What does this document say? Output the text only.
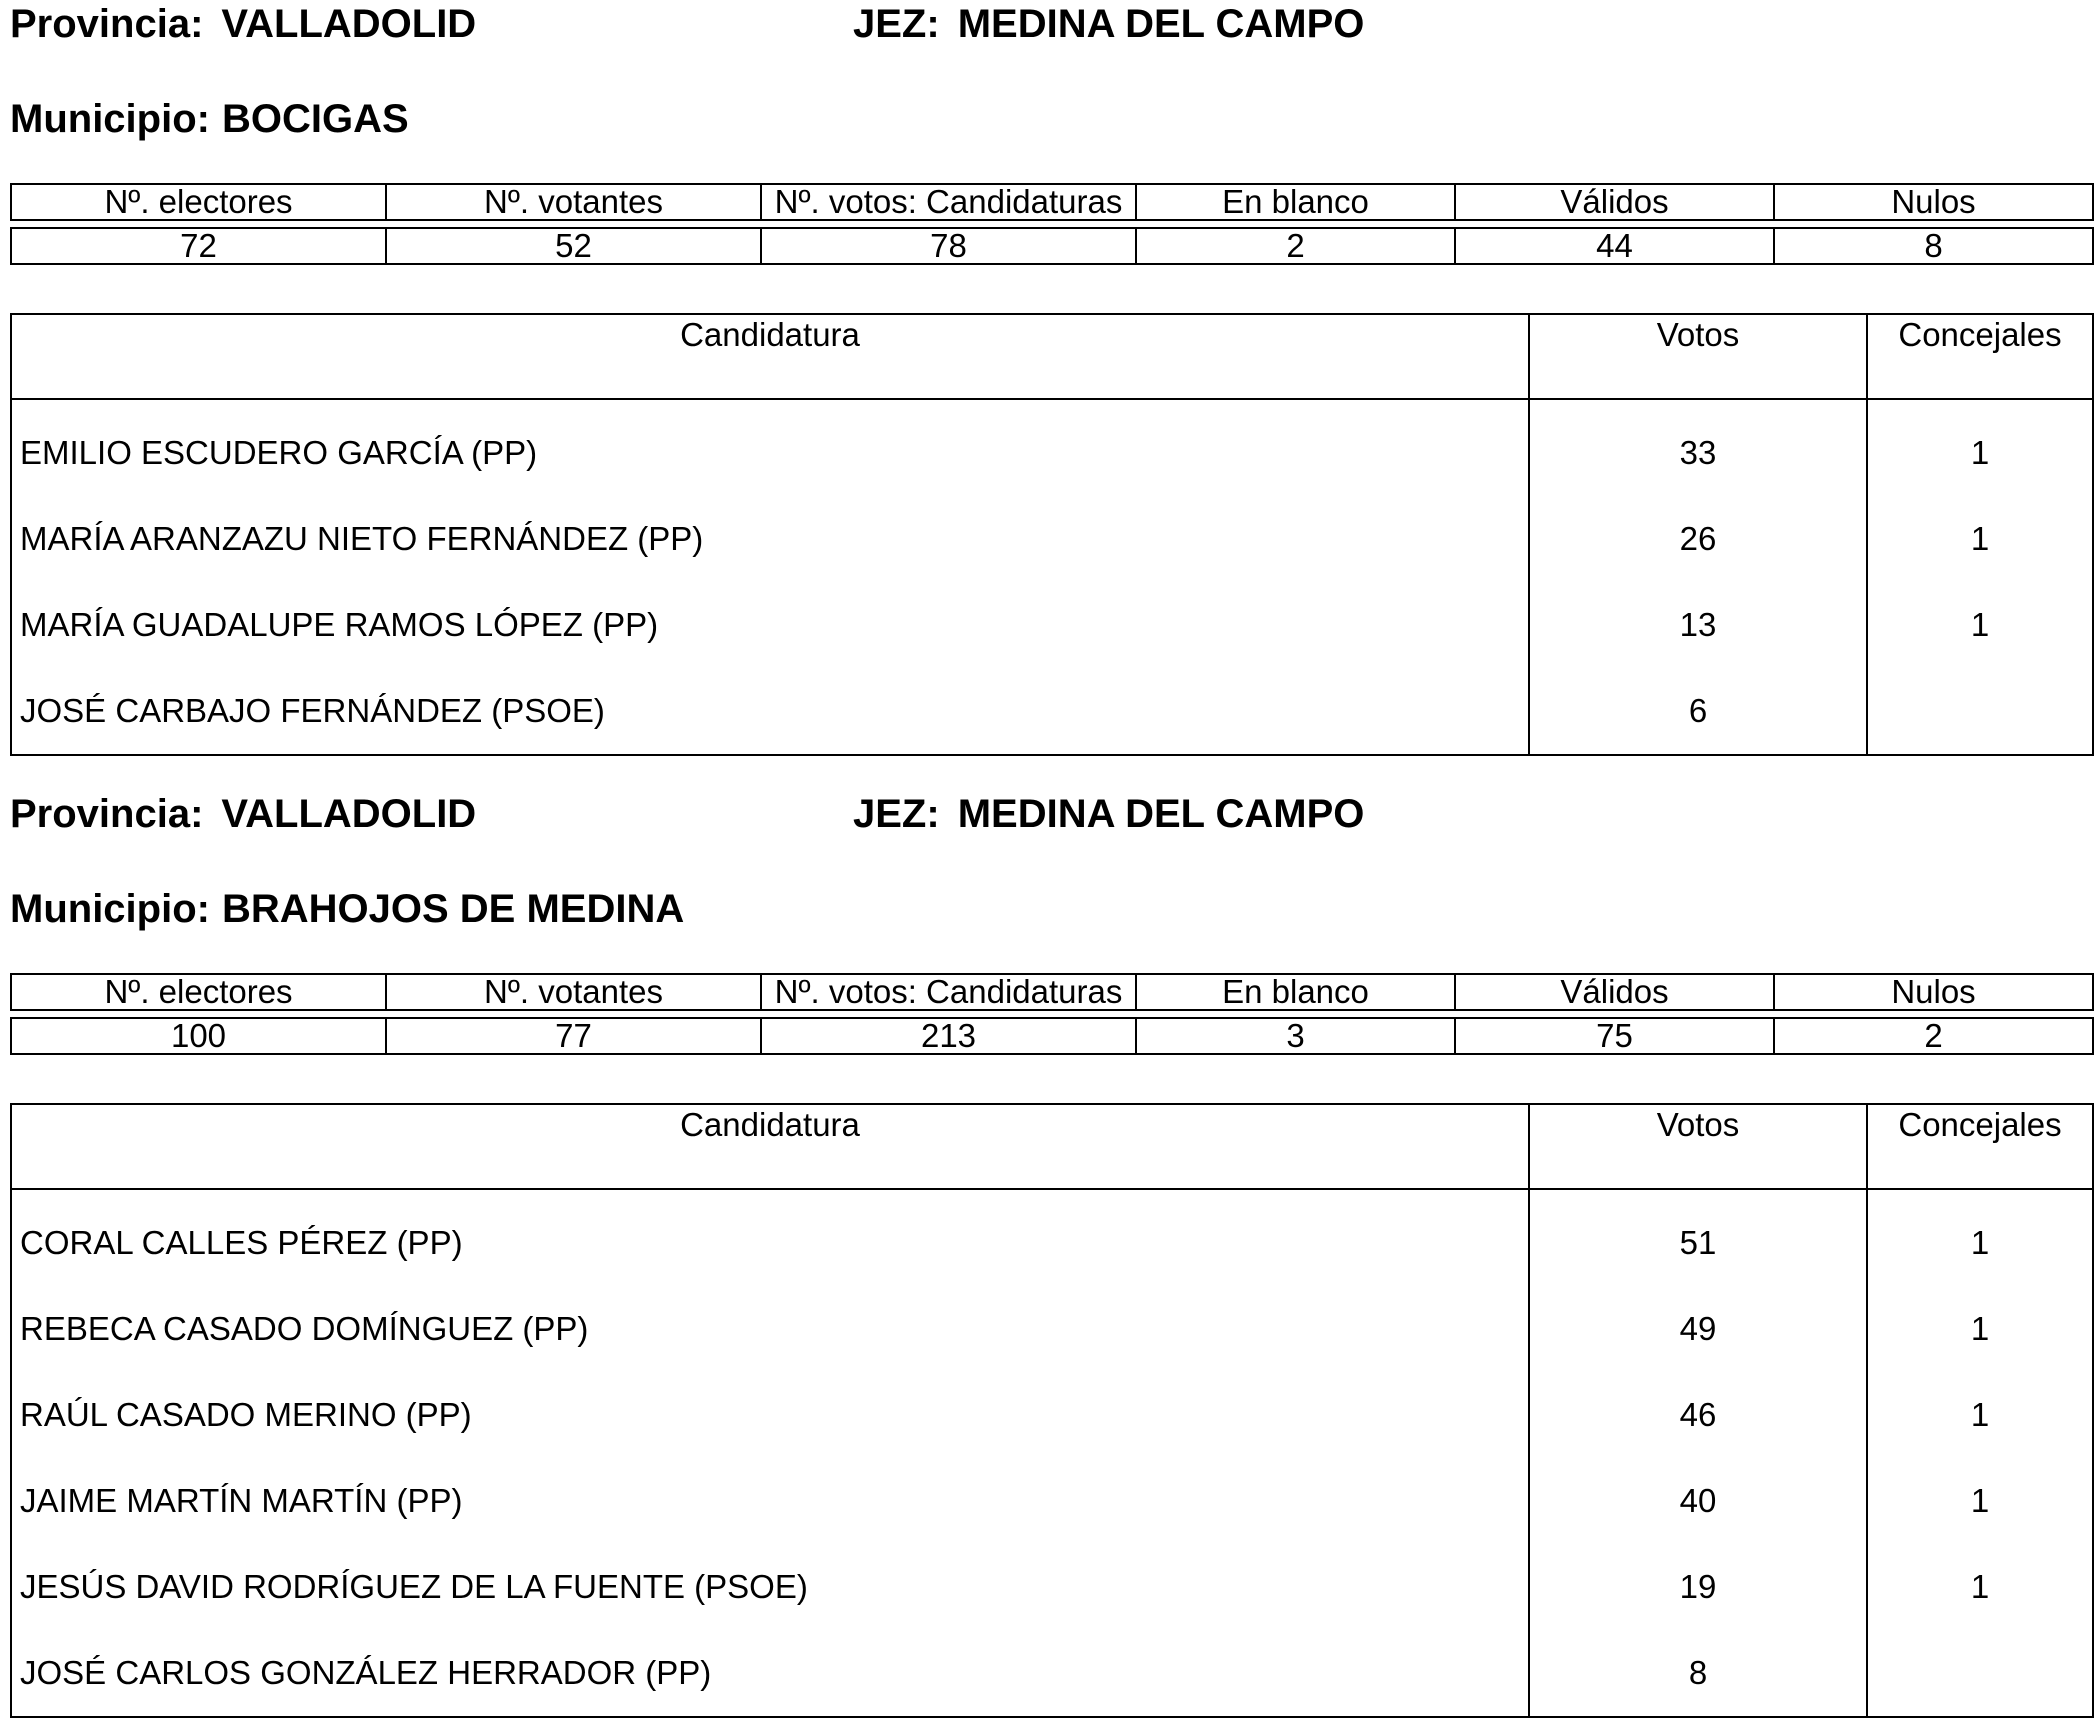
Provincia: VALLADOLID	JEZ: MEDINA DEL CAMPO
Municipio: BOCIGAS
Nº. electores	Nº. votantes	Nº. votos: Candidaturas	En blanco	Válidos	Nulos

72	52	78	2	44	8
Candidatura	Votos	Concejales
EMILIO ESCUDERO GARCÍA (PP)	33	1
MARÍA ARANZAZU NIETO FERNÁNDEZ (PP)	26	1
MARÍA GUADALUPE RAMOS LÓPEZ (PP)	13	1
JOSÉ CARBAJO FERNÁNDEZ (PSOE)	6	
Provincia: VALLADOLID	JEZ: MEDINA DEL CAMPO
Municipio: BRAHOJOS DE MEDINA
Nº. electores	Nº. votantes	Nº. votos: Candidaturas	En blanco	Válidos	Nulos

100	77	213	3	75	2
Candidatura	Votos	Concejales
CORAL CALLES PÉREZ (PP)	51	1
REBECA CASADO DOMÍNGUEZ (PP)	49	1
RAÚL CASADO MERINO (PP)	46	1
JAIME MARTÍN MARTÍN (PP)	40	1
JESÚS DAVID RODRÍGUEZ DE LA FUENTE (PSOE)	19	1
JOSÉ CARLOS GONZÁLEZ HERRADOR (PP)	8	
